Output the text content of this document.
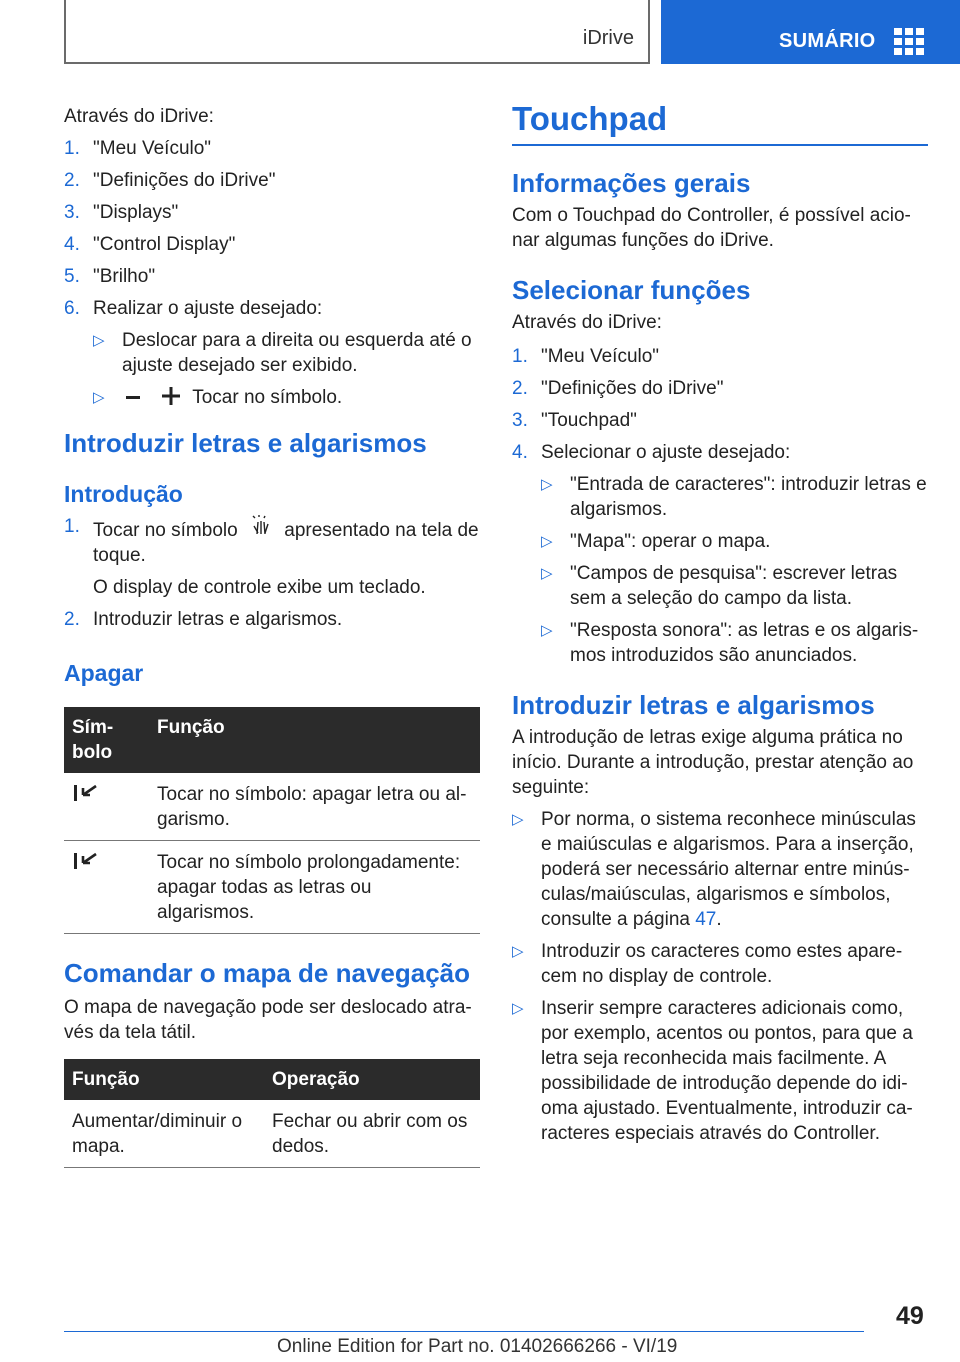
iDrive	SUMÁRIO

Através do iDrive:

1. "Meu Veículo"
2. "Definições do iDrive"
3. "Displays"
4. "Control Display"
5. "Brilho"
6. Realizar o ajuste desejado:
▷ Deslocar para a direita ou esquerda até o ajuste desejado ser exibido.
▷	Tocar no símbolo.
Introduzir letras e algarismos
Introdução
1. Tocar no símbolo apresentado na tela de toque.

O display de controle exibe um teclado.

2. Introduzir letras e algarismos.
Apagar
Sím- bolo	Função
	Tocar no símbolo: apagar letra ou al- garismo.
	Tocar no símbolo prolongadamente: apagar todas as letras ou algarismos.
Comandar o mapa de navegação

O mapa de navegação pode ser deslocado atra- vés da tela tátil.

Função	Operação
Aumentar/diminuir o mapa.	Fechar ou abrir com os dedos.
Touchpad
Informações gerais

Com o Touchpad do Controller, é possível acio- nar algumas funções do iDrive.

Selecionar funções

Através do iDrive:

1. "Meu Veículo"
2. "Definições do iDrive"
3. "Touchpad"
4. Selecionar o ajuste desejado:
▷ "Entrada de caracteres": introduzir letras e algarismos.
▷ "Mapa": operar o mapa.
▷ "Campos de pesquisa": escrever letras sem a seleção do campo da lista.
▷ "Resposta sonora": as letras e os algaris- mos introduzidos são anunciados.
Introduzir letras e algarismos

A introdução de letras exige alguma prática no início. Durante a introdução, prestar atenção ao seguinte:

▷ Por norma, o sistema reconhece minúsculas e maiúsculas e algarismos. Para a inserção, poderá ser necessário alternar entre minús- culas/maiúsculas, algarismos e símbolos, consulte a página 47.
▷ Introduzir os caracteres como estes apare- cem no display de controle.
▷ Inserir sempre caracteres adicionais como, por exemplo, acentos ou pontos, para que a letra seja reconhecida mais facilmente. A possibilidade de introdução depende do idi- oma ajustado. Eventualmente, introduzir ca- racteres especiais através do Controller.
49
Online Edition for Part no. 01402666266 - VI/19
